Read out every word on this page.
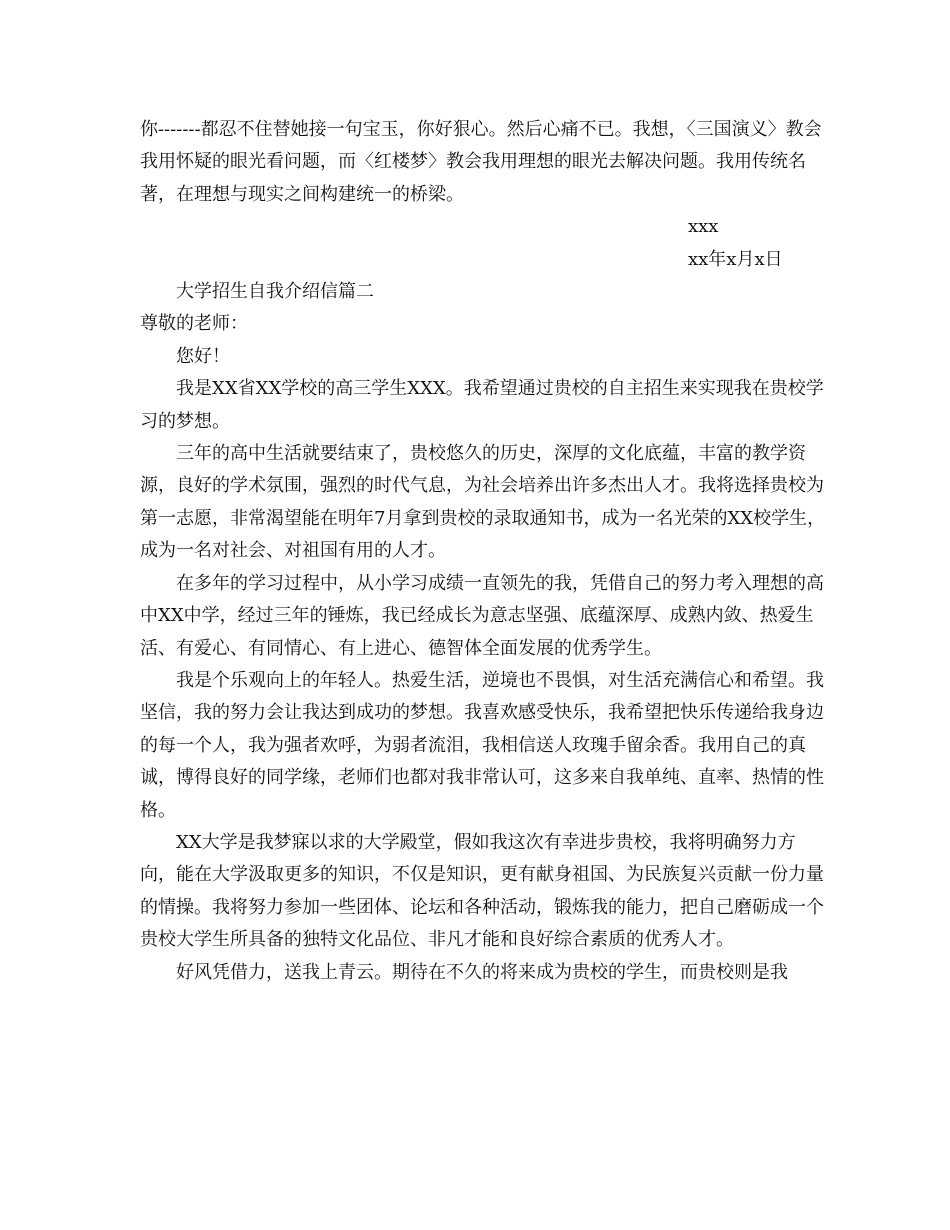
你-------都忍不住替她接一句宝玉，你好狠心。然后心痛不已。我想，〈三国演义〉教会我用怀疑的眼光看问题，而〈红楼梦〉教会我用理想的眼光去解决问题。我用传统名著，在理想与现实之间构建统一的桥梁。

xxx

xx年x月x日

大学招生自我介绍信篇二

尊敬的老师：

您好！

我是XX省XX学校的高三学生XXX。我希望通过贵校的自主招生来实现我在贵校学习的梦想。

三年的高中生活就要结束了，贵校悠久的历史，深厚的文化底蕴，丰富的教学资源，良好的学术氛围，强烈的时代气息，为社会培养出许多杰出人才。我将选择贵校为第一志愿，非常渴望能在明年7月拿到贵校的录取通知书，成为一名光荣的XX校学生，成为一名对社会、对祖国有用的人才。

在多年的学习过程中，从小学习成绩一直领先的我，凭借自己的努力考入理想的高中XX中学，经过三年的锤炼，我已经成长为意志坚强、底蕴深厚、成熟内敛、热爱生活、有爱心、有同情心、有上进心、德智体全面发展的优秀学生。

我是个乐观向上的年轻人。热爱生活，逆境也不畏惧，对生活充满信心和希望。我坚信，我的努力会让我达到成功的梦想。我喜欢感受快乐，我希望把快乐传递给我身边的每一个人，我为强者欢呼，为弱者流泪，我相信送人玫瑰手留余香。我用自己的真诚，博得良好的同学缘，老师们也都对我非常认可，这多来自我单纯、直率、热情的性格。

XX大学是我梦寐以求的大学殿堂，假如我这次有幸进步贵校，我将明确努力方向，能在大学汲取更多的知识，不仅是知识，更有献身祖国、为民族复兴贡献一份力量的情操。我将努力参加一些团体、论坛和各种活动，锻炼我的能力，把自己磨砺成一个贵校大学生所具备的独特文化品位、非凡才能和良好综合素质的优秀人才。

好风凭借力，送我上青云。期待在不久的将来成为贵校的学生，而贵校则是我
